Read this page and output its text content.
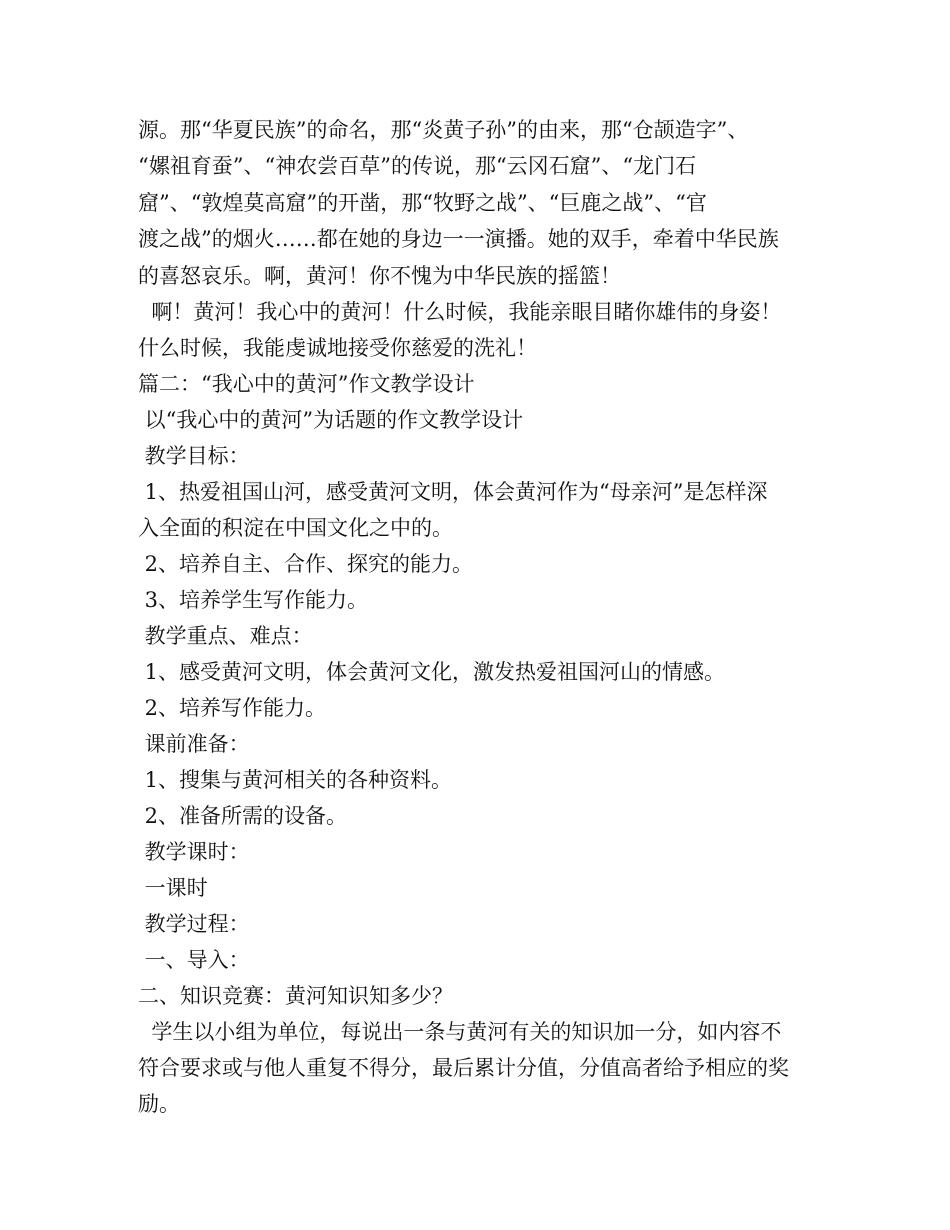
源。那“华夏民族”的命名，那“炎黄子孙”的由来，那“仓颉造字”、
“嫘祖育蚕”、“神农尝百草”的传说，那“云冈石窟”、“龙门石
窟”、“敦煌莫高窟”的开凿，那“牧野之战”、“巨鹿之战”、“官
渡之战”的烟火……都在她的身边一一演播。她的双手，牵着中华民族
的喜怒哀乐。啊，黄河！你不愧为中华民族的摇篮！
啊！黄河！我心中的黄河！什么时候，我能亲眼目睹你雄伟的身姿！
什么时候，我能虔诚地接受你慈爱的洗礼！
篇二：“我心中的黄河”作文教学设计
以“我心中的黄河”为话题的作文教学设计
教学目标：
1、热爱祖国山河，感受黄河文明，体会黄河作为“母亲河”是怎样深
入全面的积淀在中国文化之中的。
2、培养自主、合作、探究的能力。
3、培养学生写作能力。
教学重点、难点：
1、感受黄河文明，体会黄河文化，激发热爱祖国河山的情感。
2、培养写作能力。
课前准备：
1、搜集与黄河相关的各种资料。
2、准备所需的设备。
教学课时：
一课时
教学过程：
一、导入：
二、知识竞赛：黄河知识知多少？
学生以小组为单位，每说出一条与黄河有关的知识加一分，如内容不
符合要求或与他人重复不得分，最后累计分值，分值高者给予相应的奖
励。
